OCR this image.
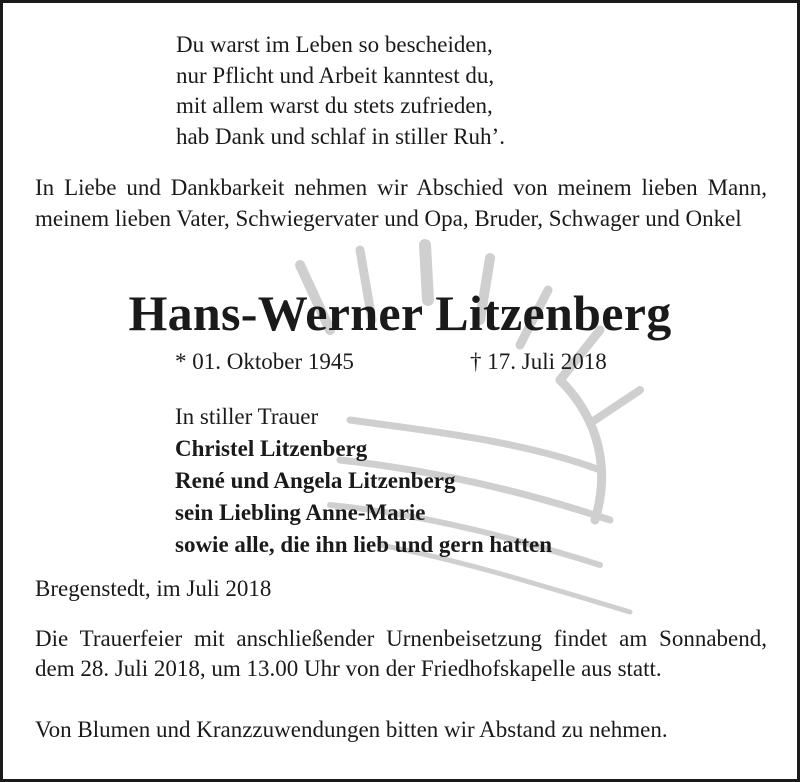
Du warst im Leben so bescheiden,
nur Pflicht und Arbeit kanntest du,
mit allem warst du stets zufrieden,
hab Dank und schlaf in stiller Ruh’.
In Liebe und Dankbarkeit nehmen wir Abschied von meinem lieben Mann, meinem lieben Vater, Schwiegervater und Opa, Bruder, Schwager und Onkel
Hans-Werner Litzenberg
* 01. Oktober 1945	† 17. Juli 2018
In stiller Trauer
Christel Litzenberg
René und Angela Litzenberg
sein Liebling Anne-Marie
sowie alle, die ihn lieb und gern hatten
Bregenstedt, im Juli 2018
Die Trauerfeier mit anschließender Urnenbeisetzung findet am Sonnabend, dem 28. Juli 2018, um 13.00 Uhr von der Friedhofskapelle aus statt.
Von Blumen und Kranzzuwendungen bitten wir Abstand zu nehmen.
